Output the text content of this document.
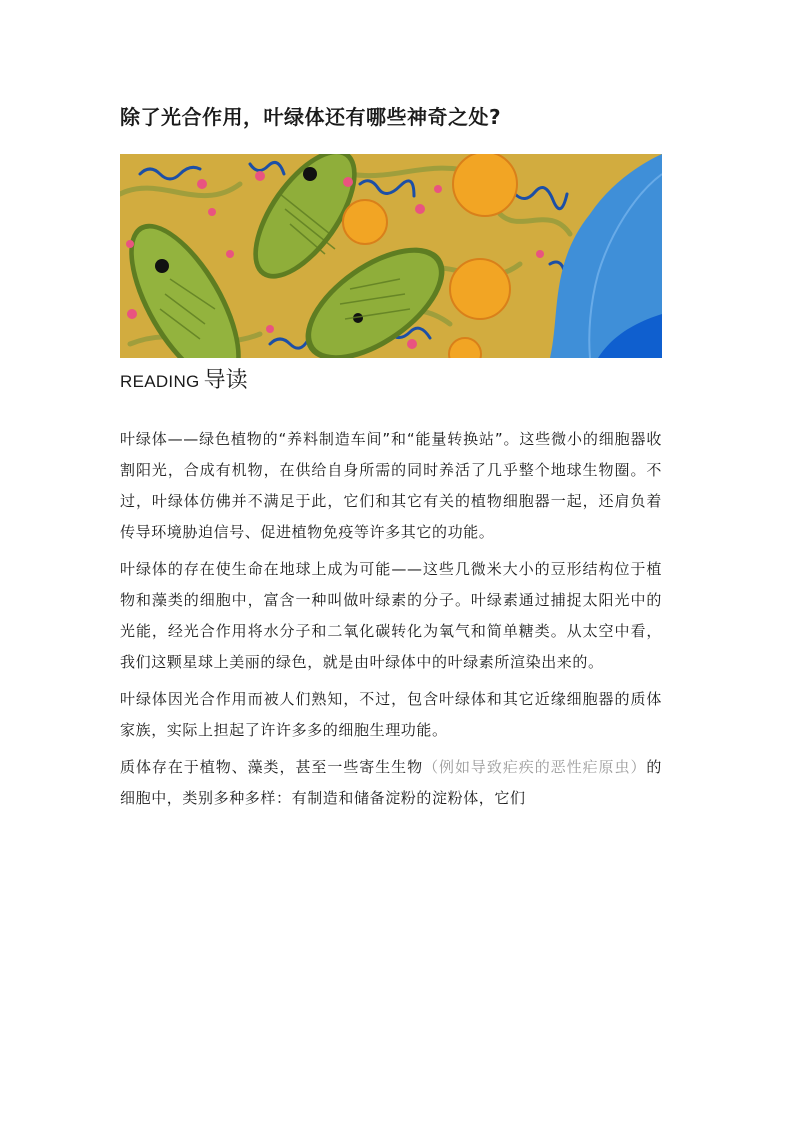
除了光合作用，叶绿体还有哪些神奇之处?
READING 导读

叶绿体——绿色植物的“养料制造车间”和“能量转换站”。这些微小的细胞器收割阳光，合成有机物，在供给自身所需的同时养活了几乎整个地球生物圈。不过，叶绿体仿佛并不满足于此，它们和其它有关的植物细胞器一起，还肩负着传导环境胁迫信号、促进植物免疫等许多其它的功能。

叶绿体的存在使生命在地球上成为可能——这些几微米大小的豆形结构位于植物和藻类的细胞中，富含一种叫做叶绿素的分子。叶绿素通过捕捉太阳光中的光能，经光合作用将水分子和二氧化碳转化为氧气和简单糖类。从太空中看，我们这颗星球上美丽的绿色，就是由叶绿体中的叶绿素所渲染出来的。

叶绿体因光合作用而被人们熟知，不过，包含叶绿体和其它近缘细胞器的质体家族，实际上担起了许许多多的细胞生理功能。

质体存在于植物、藻类，甚至一些寄生生物（例如导致疟疾的恶性疟原虫）的细胞中，类别多种多样：有制造和储备淀粉的淀粉体，它们
